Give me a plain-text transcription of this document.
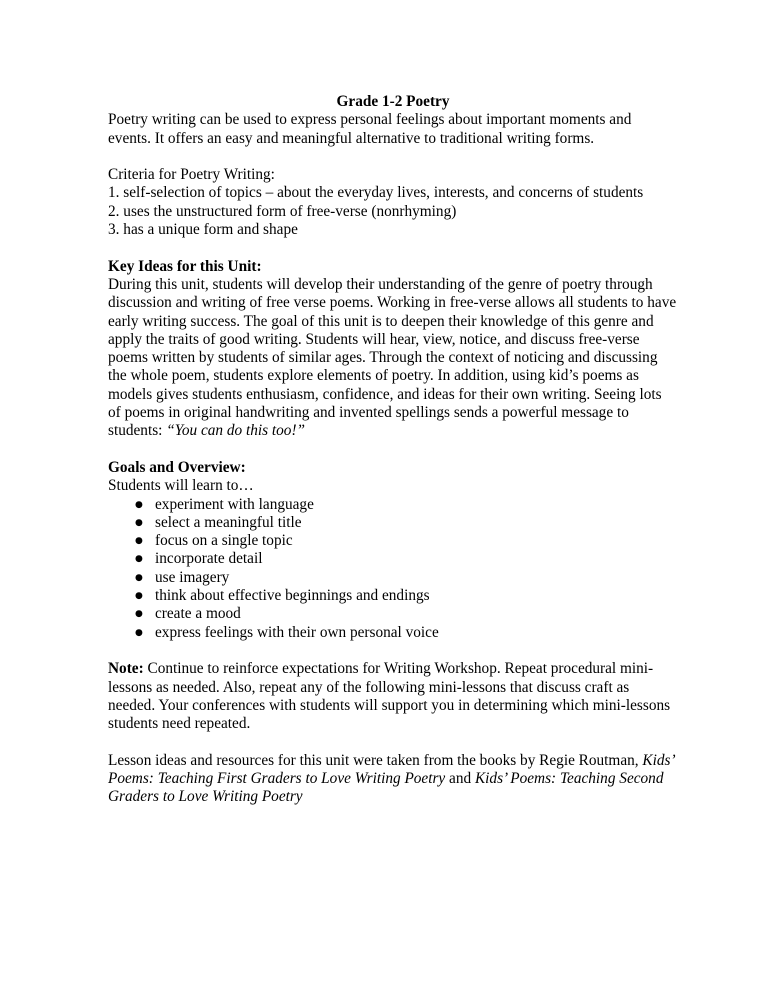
Grade 1-2 Poetry

Poetry writing can be used to express personal feelings about important moments and events. It offers an easy and meaningful alternative to traditional writing forms.

Criteria for Poetry Writing:

1. self-selection of topics – about the everyday lives, interests, and concerns of students
2. uses the unstructured form of free-verse (nonrhyming)
3. has a unique form and shape

Key Ideas for this Unit:

During this unit, students will develop their understanding of the genre of poetry through discussion and writing of free verse poems. Working in free-verse allows all students to have early writing success. The goal of this unit is to deepen their knowledge of this genre and apply the traits of good writing. Students will hear, view, notice, and discuss free-verse poems written by students of similar ages. Through the context of noticing and discussing the whole poem, students explore elements of poetry. In addition, using kid’s poems as models gives students enthusiasm, confidence, and ideas for their own writing. Seeing lots of poems in original handwriting and invented spellings sends a powerful message to students: “You can do this too!”

Goals and Overview:

Students will learn to…

● experiment with language
● select a meaningful title
● focus on a single topic
● incorporate detail
● use imagery
● think about effective beginnings and endings
● create a mood
● express feelings with their own personal voice

Note: Continue to reinforce expectations for Writing Workshop. Repeat procedural mini-lessons as needed. Also, repeat any of the following mini-lessons that discuss craft as needed. Your conferences with students will support you in determining which mini-lessons students need repeated.

Lesson ideas and resources for this unit were taken from the books by Regie Routman, Kids’ Poems: Teaching First Graders to Love Writing Poetry and Kids’ Poems: Teaching Second Graders to Love Writing Poetry
